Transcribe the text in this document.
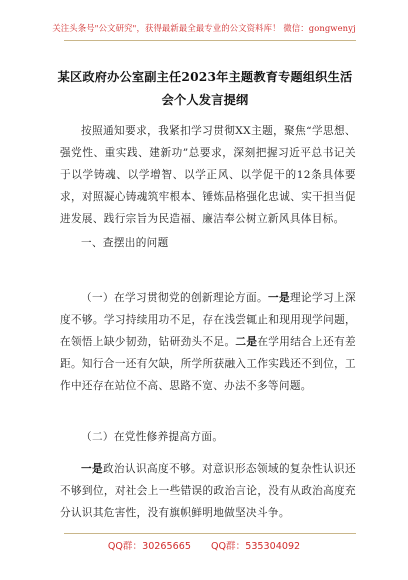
关注头条号"公文研究"，获得最新最全最专业的公文资料库！ 微信：gongwenyj
某区政府办公室副主任2023年主题教育专题组织生活会个人发言提纲
按照通知要求，我紧扣学习贯彻XX主题，聚焦“学思想、强党性、重实践、建新功”总要求，深刻把握习近平总书记关于以学铸魂、以学增智、以学正风、以学促干的12条具体要求，对照凝心铸魂筑牢根本、锤炼品格强化忠诚、实干担当促进发展、践行宗旨为民造福、廉洁奉公树立新风具体目标。
一、查摆出的问题
（一）在学习贯彻党的创新理论方面。一是理论学习上深度不够。学习持续用功不足，存在浅尝辄止和现用现学问题，在领悟上缺少韧劲，钻研劲头不足。二是在学用结合上还有差距。知行合一还有欠缺，所学所获融入工作实践还不到位，工作中还存在站位不高、思路不宽、办法不多等问题。
（二）在党性修养提高方面。
一是政治认识高度不够。对意识形态领域的复杂性认识还不够到位，对社会上一些错误的政治言论，没有从政治高度充分认识其危害性，没有旗帜鲜明地做坚决斗争。
QQ群：30265665 QQ群：535304092
